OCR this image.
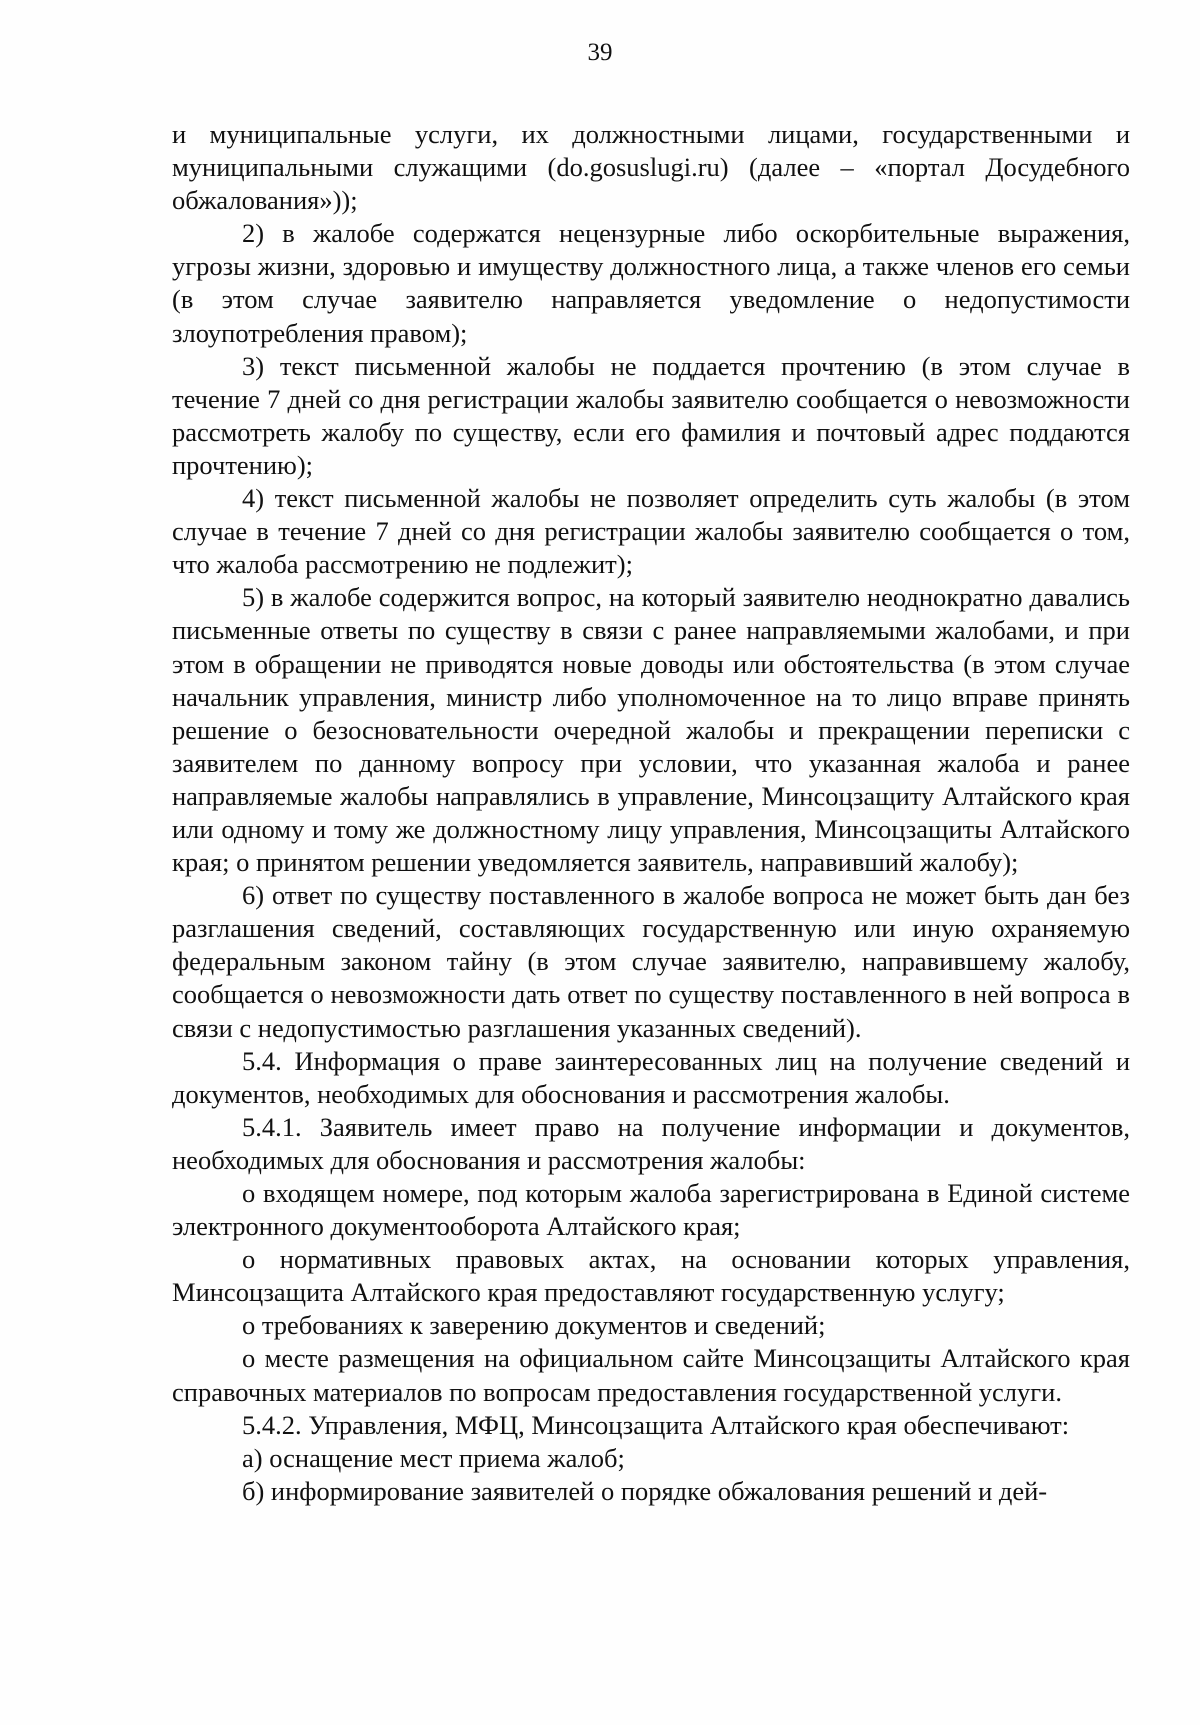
39

и муниципальные услуги, их должностными лицами, государственными и муниципальными служащими (do.gosuslugi.ru) (далее – «портал Досудебного обжалования»));

2) в жалобе содержатся нецензурные либо оскорбительные выражения, угрозы жизни, здоровью и имуществу должностного лица, а также членов его семьи (в этом случае заявителю направляется уведомление о недопустимости злоупотребления правом);

3) текст письменной жалобы не поддается прочтению (в этом случае в течение 7 дней со дня регистрации жалобы заявителю сообщается о невозможности рассмотреть жалобу по существу, если его фамилия и почтовый адрес поддаются прочтению);

4) текст письменной жалобы не позволяет определить суть жалобы (в этом случае в течение 7 дней со дня регистрации жалобы заявителю сообщается о том, что жалоба рассмотрению не подлежит);

5) в жалобе содержится вопрос, на который заявителю неоднократно давались письменные ответы по существу в связи с ранее направляемыми жалобами, и при этом в обращении не приводятся новые доводы или обстоятельства (в этом случае начальник управления, министр либо уполномоченное на то лицо вправе принять решение о безосновательности очередной жалобы и прекращении переписки с заявителем по данному вопросу при условии, что указанная жалоба и ранее направляемые жалобы направлялись в управление, Минсоцзащиту Алтайского края или одному и тому же должностному лицу управления, Минсоцзащиты Алтайского края; о принятом решении уведомляется заявитель, направивший жалобу);

6) ответ по существу поставленного в жалобе вопроса не может быть дан без разглашения сведений, составляющих государственную или иную охраняемую федеральным законом тайну (в этом случае заявителю, направившему жалобу, сообщается о невозможности дать ответ по существу поставленного в ней вопроса в связи с недопустимостью разглашения указанных сведений).

5.4. Информация о праве заинтересованных лиц на получение сведений и документов, необходимых для обоснования и рассмотрения жалобы.

5.4.1. Заявитель имеет право на получение информации и документов, необходимых для обоснования и рассмотрения жалобы:

о входящем номере, под которым жалоба зарегистрирована в Единой системе электронного документооборота Алтайского края;

о нормативных правовых актах, на основании которых управления, Минсоцзащита Алтайского края предоставляют государственную услугу;

о требованиях к заверению документов и сведений;

о месте размещения на официальном сайте Минсоцзащиты Алтайского края справочных материалов по вопросам предоставления государственной услуги.

5.4.2. Управления, МФЦ, Минсоцзащита Алтайского края обеспечивают:

а) оснащение мест приема жалоб;

б) информирование заявителей о порядке обжалования решений и дей-
